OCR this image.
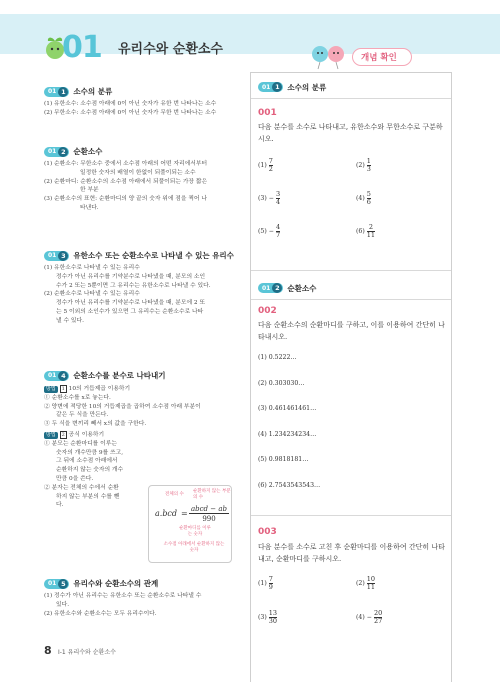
01 유리수와 순환소수
개념 확인
01 1	소수의 분류
(1) 유한소수: 소수점 아래에 0이 아닌 숫자가 유한 번 나타나는 소수
(2) 무한소수: 소수점 아래에 0이 아닌 숫자가 무한 번 나타나는 소수
01 2	순환소수
(1) 순환소수: 무한소수 중에서 소수점 아래의 어떤 자리에서부터
일정한 숫자의 배열이 한없이 되풀이되는 소수
(2) 순환마디: 순환소수의 소수점 아래에서 되풀이되는 가장 짧은
한 부분
(3) 순환소수의 표현: 순환마디의 양 끝의 숫자 위에 점을 찍어 나
타낸다.
01 3	유한소수 또는 순환소수로 나타낼 수 있는 유리수
(1) 유한소수로 나타낼 수 있는 유리수
정수가 아닌 유리수를 기약분수로 나타냈을 때, 분모의 소인
수가 2 또는 5뿐이면 그 유리수는 유한소수로 나타낼 수 있다.
(2) 순환소수로 나타낼 수 있는 유리수
정수가 아닌 유리수를 기약분수로 나타냈을 때, 분모에 2 또
는 5 이외의 소인수가 있으면 그 유리수는 순환소수로 나타
낼 수 있다.
01 4	순환소수를 분수로 나타내기
방법 1 10의 거듭제곱 이용하기
① 순환소수를 x로 놓는다.
② 양변에 적당한 10의 거듭제곱을 곱하여 소수점 아래 부분이
같은 두 식을 만든다.
③ 두 식을 변끼리 빼서 x의 값을 구한다.
방법 2 공식 이용하기
① 분모는 순환마디를 이루는
숫자의 개수만큼 9를 쓰고,
그 뒤에 소수점 아래에서
순환하지 않는 숫자의 개수
만큼 0을 쓴다.
② 분자는 전체의 수에서 순환
하지 않는 부분의 수를 뺀
다.
전체의 수
순환하지 않는 부분의 수
a.bcd = abcd − ab
990
순환마디를 이루는 숫자
소수점 아래에서 순환하지 않는 숫자
01 5	유리수와 순환소수의 관계
(1) 정수가 아닌 유리수는 유한소수 또는 순환소수로 나타낼 수
있다.
(2) 유한소수와 순환소수는 모두 유리수이다.
8 I-1 유리수와 순환소수
01 1	소수의 분류
001
다음 분수를 소수로 나타내고, 유한소수와 무한소수로 구분하시오.
$(1) \frac{7}{2}$	$(2) \frac{1}{3}$
$(3) - \frac{3}{4}$	$(4) \frac{5}{6}$
$(5) - \frac{4}{7}$	$(6) \frac{2}{11}$
01 2	순환소수
002
다음 순환소수의 순환마디를 구하고, 이를 이용하여 간단히 나타내시오.
(1) 0.5222…
(2) 0.303030…
(3) 0.461461461…
(4) 1.234234234…
(5) 0.9818181…
(6) 2.7543543543…
003
다음 분수를 소수로 고친 후 순환마디를 이용하여 간단히 나타내고, 순환마디를 구하시오.
$(1) \frac{7}{9}$	$(2) \frac{10}{11}$
$(3) \frac{13}{30}$	$(4) - \frac{20}{27}$
